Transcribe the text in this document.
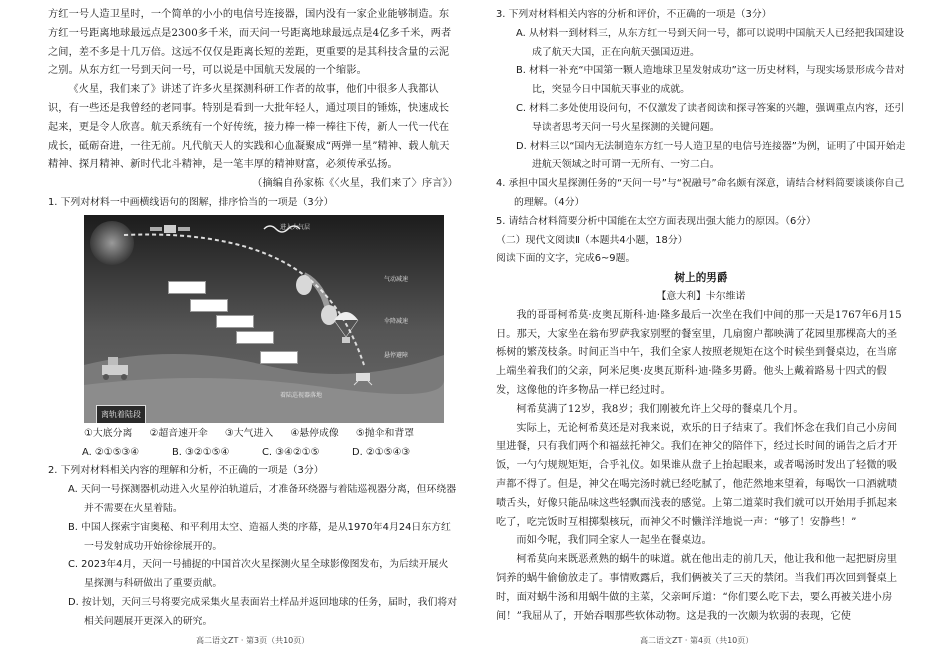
方红一号人造卫星时，一个简单的小小的电信号连接器，国内没有一家企业能够制造。东方红一号距离地球最远点是2300多千米，而天问一号距离地球最远点是4亿多千米，两者之间，差不多是十几万倍。这远不仅仅是距离长短的差距，更重要的是其科技含量的云泥之别。从东方红一号到天问一号，可以说是中国航天发展的一个缩影。

《火星，我们来了》讲述了许多火星探测科研工作者的故事，他们中很多人我都认识，有一些还是我曾经的老同事。特别是看到一大批年轻人，通过项目的锤炼，快速成长起来，更是令人欣喜。航天系统有一个好传统，接力棒一棒一棒往下传，新人一代一代在成长，砥砺奋进，一往无前。凡代航天人的实践和心血凝聚成“两弹一星”精神、载人航天精神、探月精神、新时代北斗精神，是一笔丰厚的精神财富，必须传承弘扬。

（摘编自孙家栋《〈火星，我们来了〉序言》）

1. 下列对材料一中画横线语句的图解，排序恰当的一项是（3分）

进入大气层
气动减速
伞降减速
悬停避障
着陆巡视器落地
离轨着陆段
①大底分离 ②超音速开伞 ③大气进入 ④悬停成像 ⑤抛伞和背罩
A. ②①⑤③④	B. ③②①⑤④	C. ③④②①⑤	D. ②①⑤④③

2. 下列对材料相关内容的理解和分析，不正确的一项是（3分）

A. 天问一号探测器机动进入火星停泊轨道后，才准备环绕器与着陆巡视器分离，但环绕器并不需要在火星着陆。

B. 中国人探索宇宙奥秘、和平利用太空、造福人类的序幕，是从1970年4月24日东方红一号发射成功开始徐徐展开的。

C. 2023年4月，天问一号捕捉的中国首次火星探测火星全球影像图发布，为后续开展火星探测与科研做出了重要贡献。

D. 按计划，天问三号将要完成采集火星表面岩土样品并返回地球的任务，届时，我们将对相关问题展开更深入的研究。

高二语文ZT · 第3页（共10页）

3. 下列对材料相关内容的分析和评价，不正确的一项是（3分）

A. 从材料一到材料三，从东方红一号到天问一号，都可以说明中国航天人已经把我国建设成了航天大国，正在向航天强国迈进。

B. 材料一补充“中国第一颗人造地球卫星发射成功”这一历史材料，与现实场景形成今昔对比，突显今日中国航天事业的成就。

C. 材料二多处使用设问句，不仅激发了读者阅读和探寻答案的兴趣，强调重点内容，还引导读者思考天问一号火星探测的关键问题。

D. 材料三以“国内无法制造东方红一号人造卫星的电信号连接器”为例，证明了中国开始走进航天领域之时可谓一无所有、一穷二白。

4. 承担中国火星探测任务的“天问一号”与“祝融号”命名颇有深意，请结合材料简要谈谈你自己的理解。（4分）

5. 请结合材料简要分析中国能在太空方面表现出强大能力的原因。（6分）

（二）现代文阅读Ⅱ（本题共4小题，18分）

阅读下面的文字，完成6~9题。

树上的男爵

【意大利】卡尔维诺

我的哥哥柯希莫·皮奥瓦斯科·迪·隆多最后一次坐在我们中间的那一天是1767年6月15日。那天，大家坐在翁布罗萨我家别墅的餐室里，几扇窗户都映满了花园里那棵高大的圣栎树的繁茂枝条。时间正当中午，我们全家人按照老规矩在这个时候坐到餐桌边，在当席上端坐着我们的父亲，阿米尼奥·皮奥瓦斯科·迪·隆多男爵。他头上戴着路易十四式的假发，这像他的许多物品一样已经过时。

柯希莫满了12岁，我8岁；我们刚被允许上父母的餐桌几个月。

实际上，无论柯希莫还是对我来说，欢乐的日子结束了。我们怀念在我们自己小房间里进餐，只有我们两个和福兹托神父。我们在神父的陪伴下，经过长时间的诵告之后才开饭，一勺勺规规矩矩，合乎礼仪。如果谁从盘子上抬起眼来，或者喝汤时发出了轻微的吸声都不得了。但是，神父在喝完汤时就已经吃腻了，他茫然地来望着，每喝饮一口酒就啧啧舌头，好像只能品味这些轻飘而浅表的感觉。上第二道菜时我们就可以开始用手抓起来吃了，吃完饭时互相掷梨核玩，而神父不时懒洋洋地说一声：“够了！安静些！”

而如今呢，我们同全家人一起坐在餐桌边。

柯希莫向来既恶煮熟的蜗牛的味道。就在他出走的前几天，他让我和他一起把厨房里饲养的蜗牛偷偷放走了。事情败露后，我们俩被关了三天的禁闭。当我们再次回到餐桌上时，面对蜗牛汤和用蜗牛做的主菜，父亲呵斥道：“你们要么吃下去，要么再被关进小房间！”我屈从了，开始吞咽那些软体动物。这是我的一次颇为软弱的表现，它使

高二语文ZT · 第4页（共10页）
